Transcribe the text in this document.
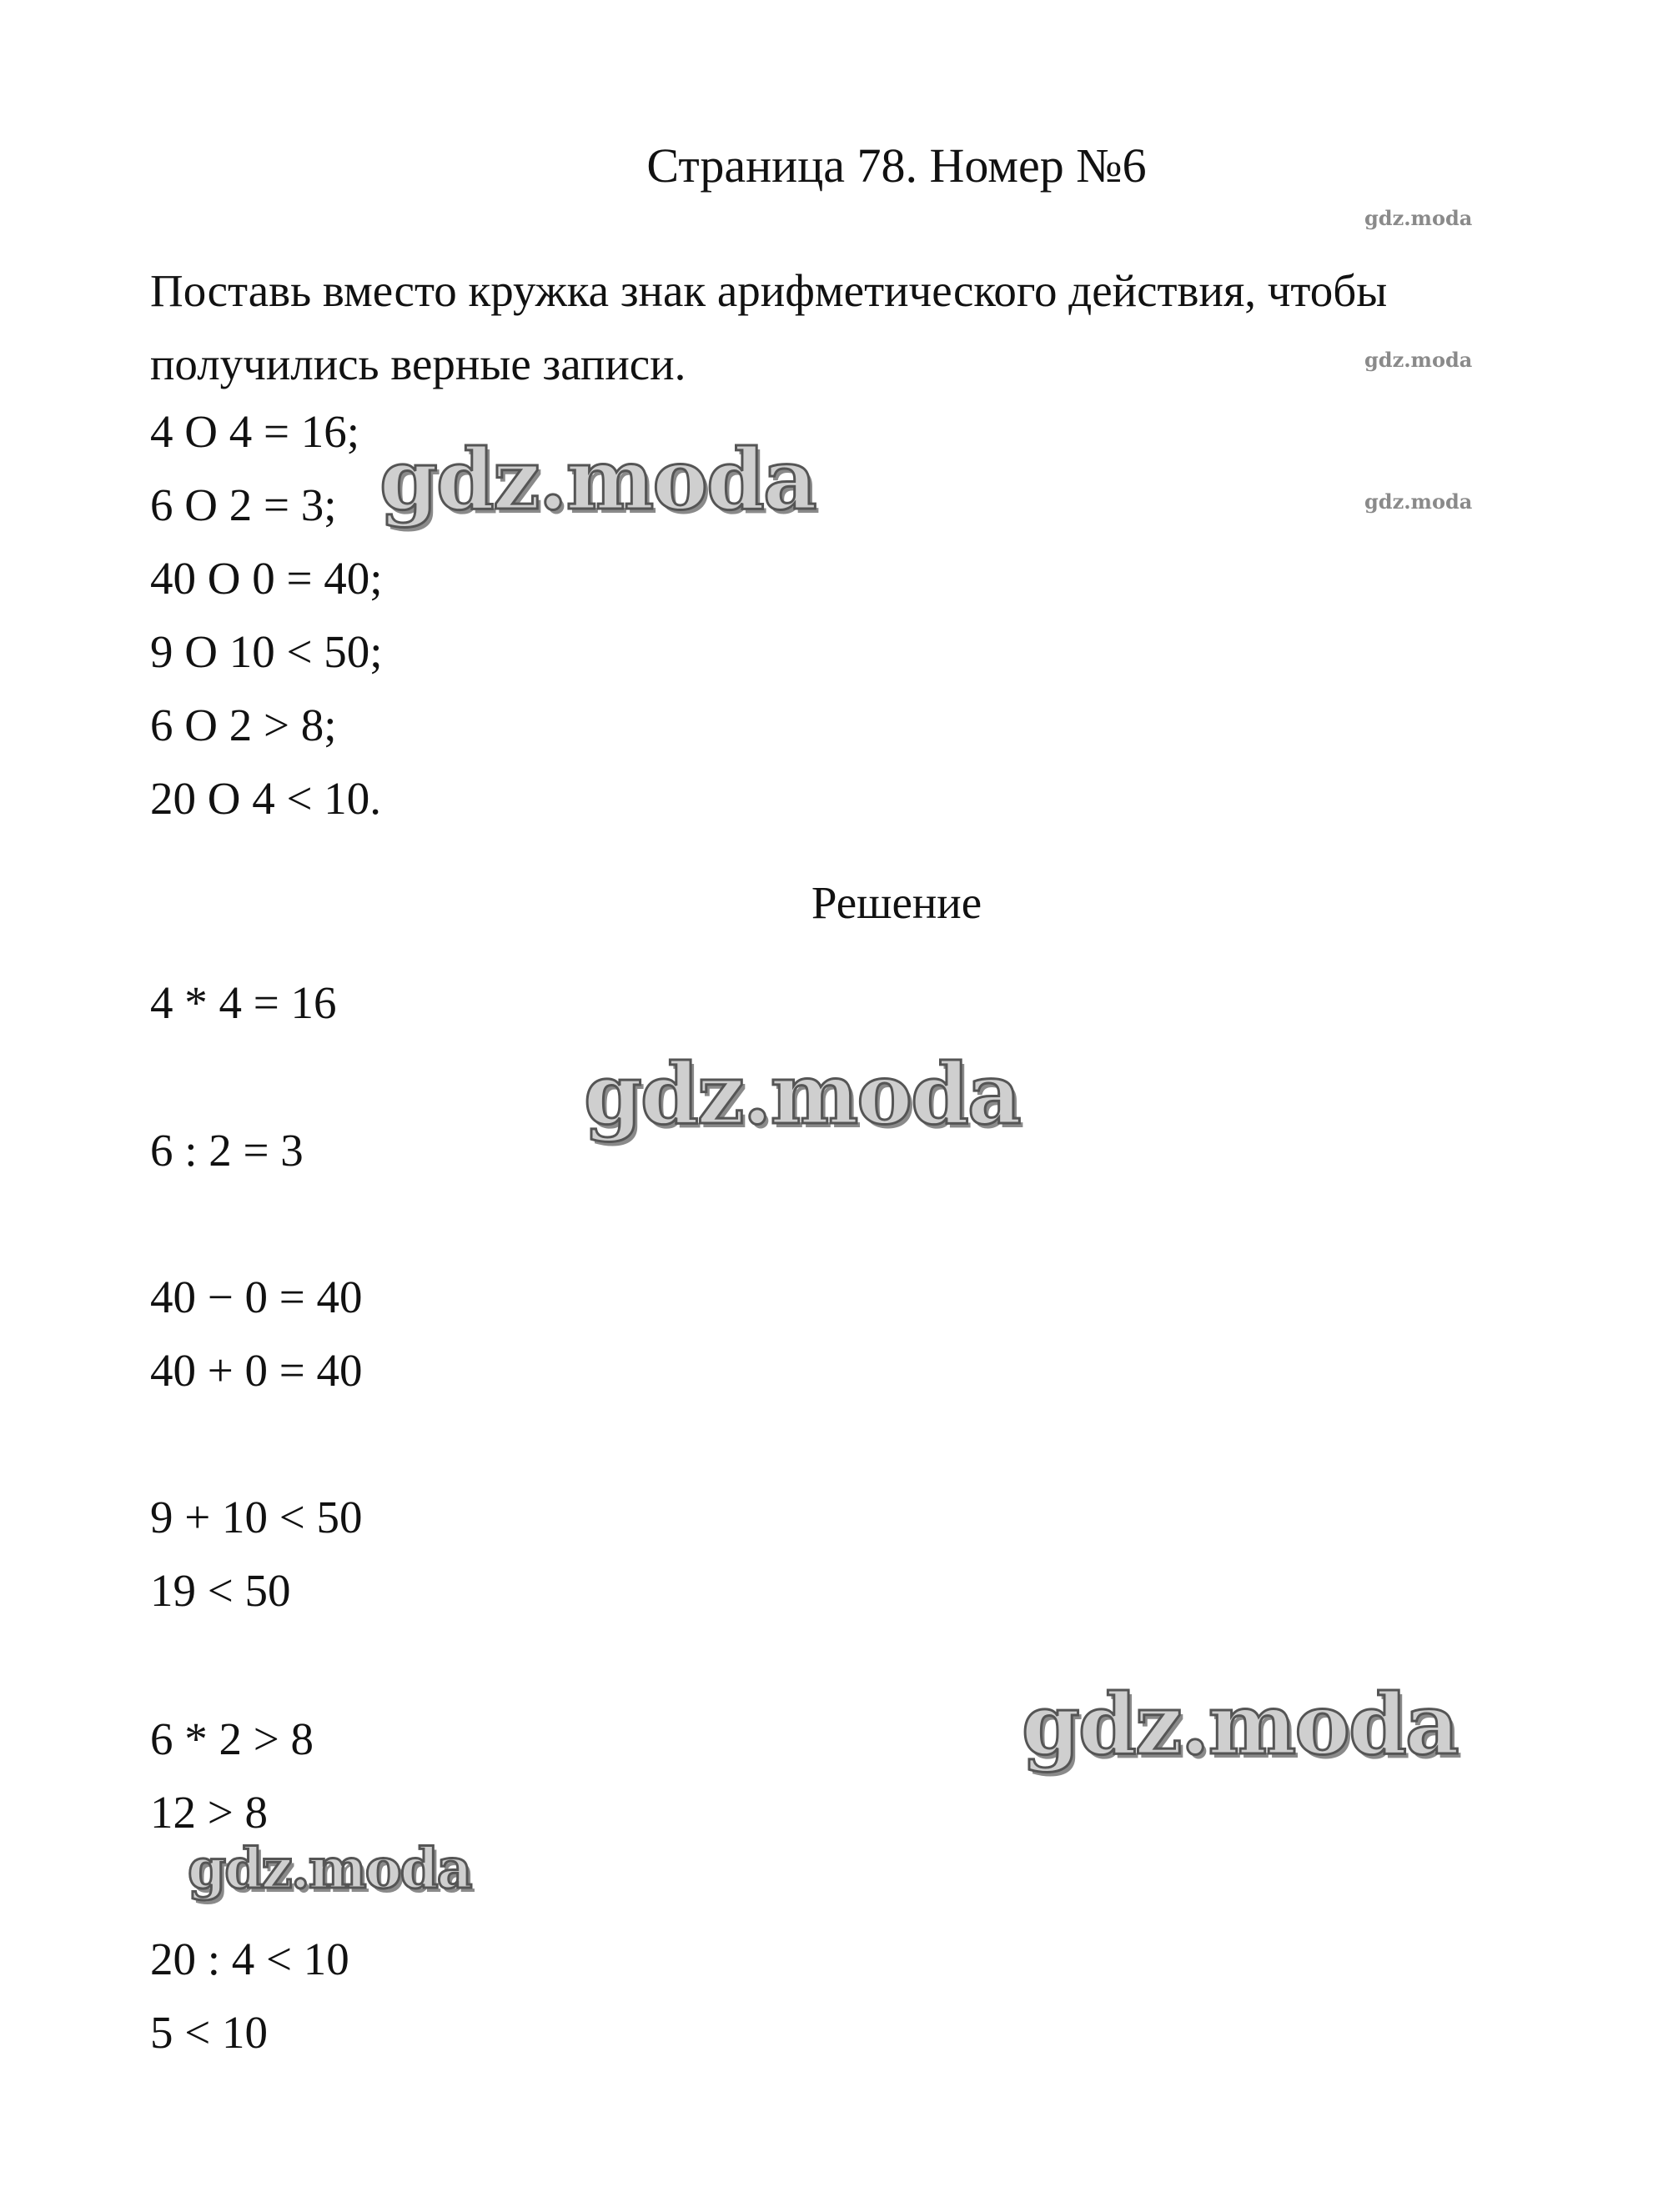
Страница 78. Номер №6
gdz.moda
gdz.moda
gdz.moda
Поставь вместо кружка знак арифметического действия, чтобы получились верные записи.
4 O 4 = 16;
6 O 2 = 3;
40 O 0 = 40;
9 O 10 < 50;
6 O 2 > 8;
20 O 4 < 10.
gdz.moda
Решение
4 * 4 = 16
gdz.moda
6 : 2 = 3
40 − 0 = 40
40 + 0 = 40
9 + 10 < 50
19 < 50
gdz.moda
6 * 2 > 8
12 > 8
gdz.moda
20 : 4 < 10
5 < 10
